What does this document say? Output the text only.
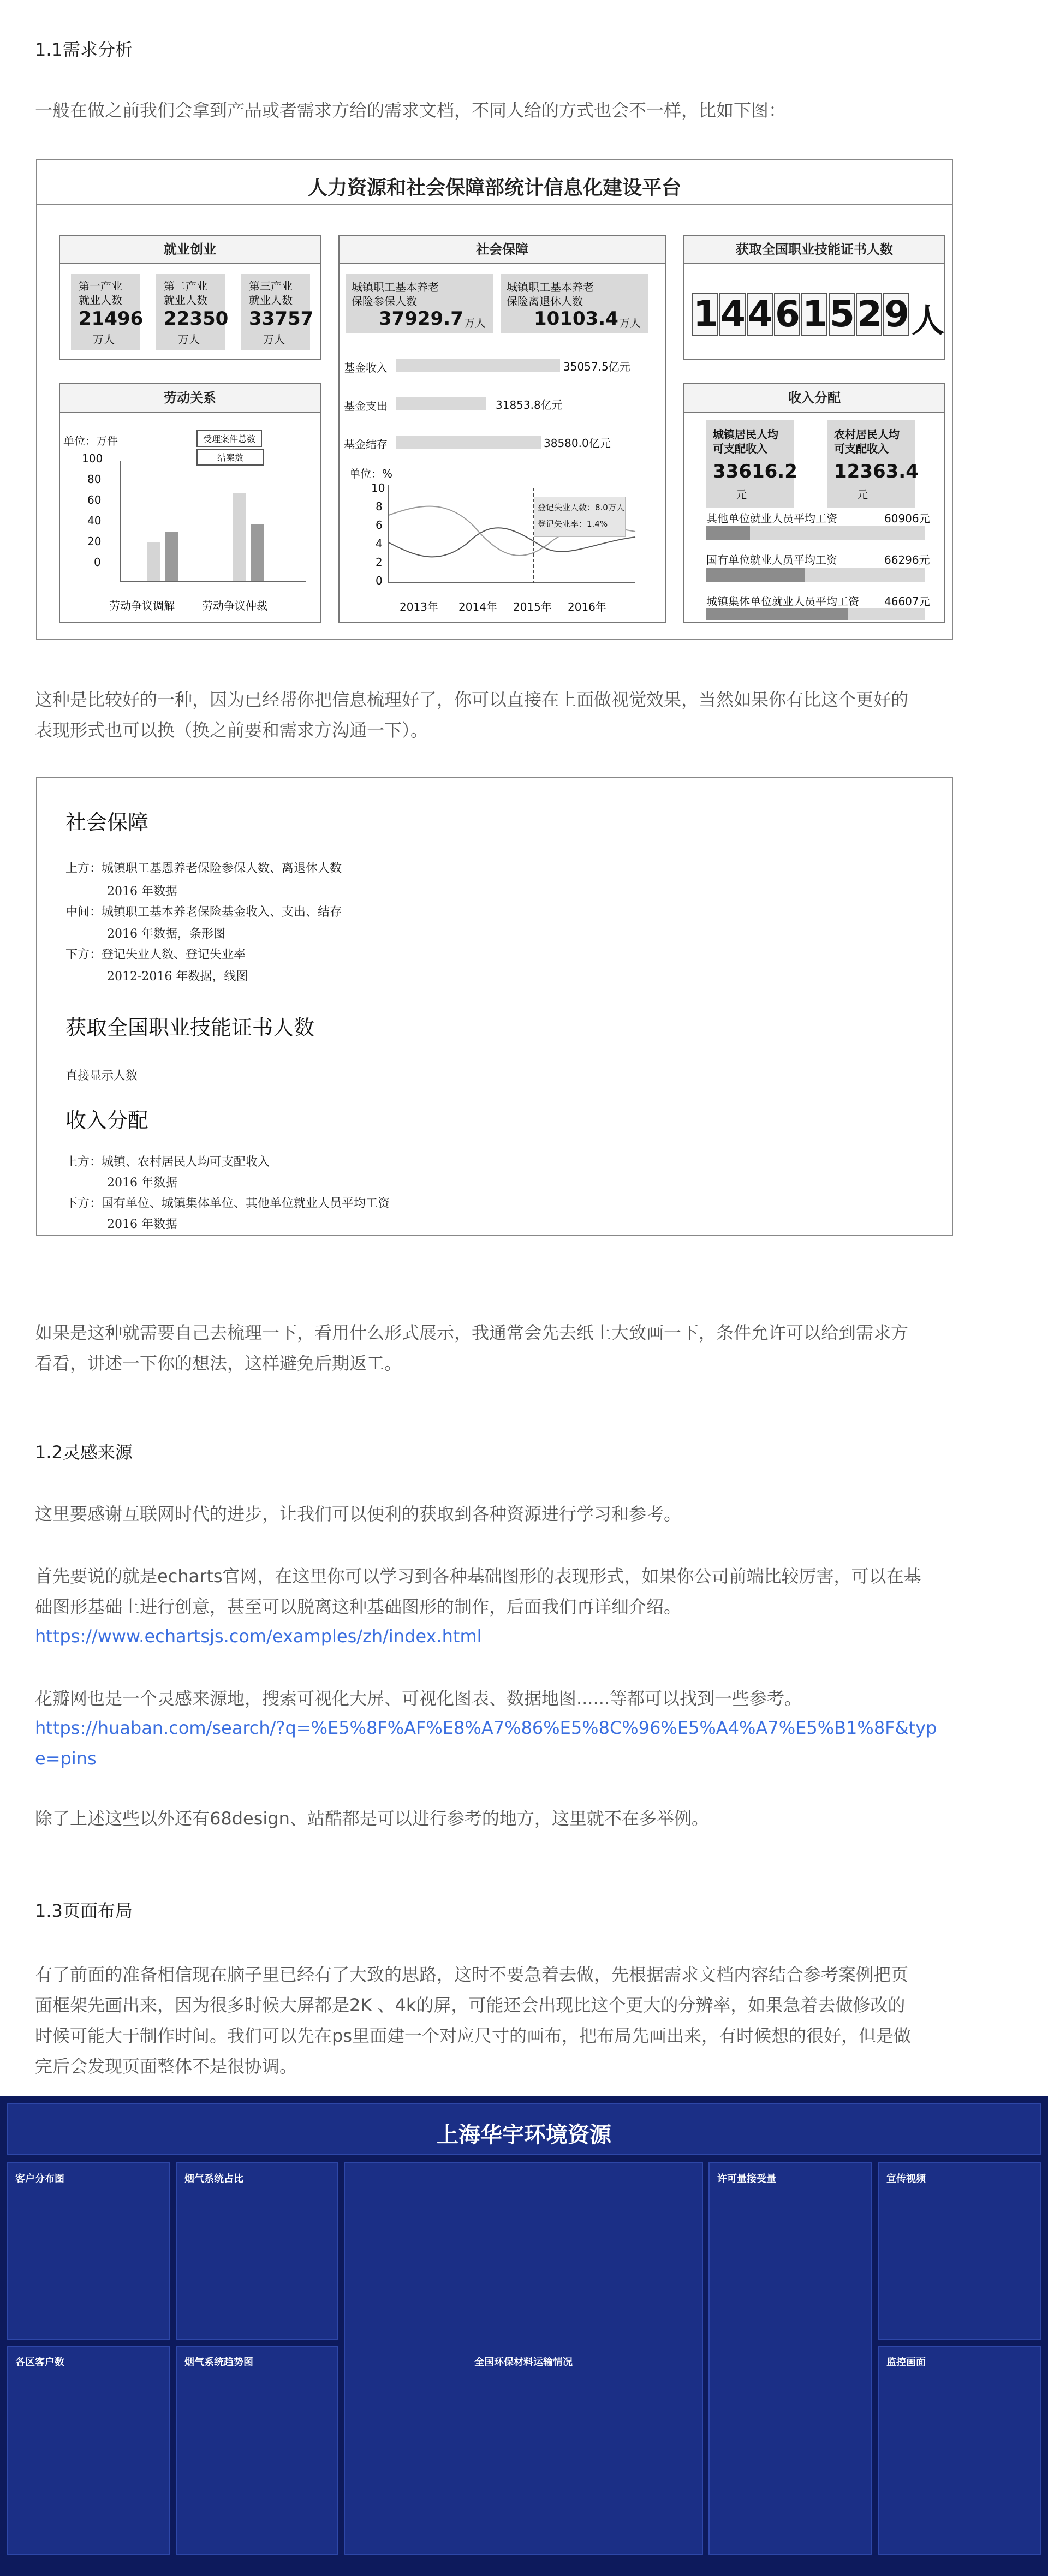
1.1需求分析
一般在做之前我们会拿到产品或者需求方给的需求文档，不同人给的方式也会不一样，比如下图：
人力资源和社会保障部统计信息化建设平台
就业创业
第一产业
就业人数
21496
万人
第二产业
就业人数
22350
万人
第三产业
就业人数
33757
万人
劳动关系
单位：万件	受理案件总数
结案数
100
80
60
40
20
0
劳动争议调解	劳动争议仲裁
社会保障
城镇职工基本养老
保险参保人数
37929.7 万人
城镇职工基本养老
保险离退休人数
10103.4 万人
基金收入	35057.5亿元
基金支出	31853.8亿元
基金结存	38580.0亿元
单位：%
10
8
6
4
2
0
登记失业人数：8.0万人
登记失业率：1.4%
2013年 2014年 2015年 2016年
获取全国职业技能证书人数
1 4 4 6 1 5 2 9 人
收入分配
城镇居民人均
可支配收入
33616.2
元
农村居民人均
可支配收入
12363.4
元
其他单位就业人员平均工资	60906元
国有单位就业人员平均工资	66296元
城镇集体单位就业人员平均工资 46607元
这种是比较好的一种，因为已经帮你把信息梳理好了，你可以直接在上面做视觉效果，当然如果你有比这个更好的
表现形式也可以换（换之前要和需求方沟通一下）。
社会保障
上方：城镇职工基恩养老保险参保人数、离退休人数
2016 年数据
中间：城镇职工基本养老保险基金收入、支出、结存
2016 年数据，条形图
下方：登记失业人数、登记失业率
2012-2016 年数据，线图
获取全国职业技能证书人数
直接显示人数
收入分配
上方：城镇、农村居民人均可支配收入
2016 年数据
下方：国有单位、城镇集体单位、其他单位就业人员平均工资
2016 年数据
如果是这种就需要自己去梳理一下，看用什么形式展示，我通常会先去纸上大致画一下，条件允许可以给到需求方
看看，讲述一下你的想法，这样避免后期返工。
1.2灵感来源
这里要感谢互联网时代的进步，让我们可以便利的获取到各种资源进行学习和参考。
首先要说的就是echarts官网，在这里你可以学习到各种基础图形的表现形式，如果你公司前端比较厉害，可以在基
础图形基础上进行创意，甚至可以脱离这种基础图形的制作，后面我们再详细介绍。
https://www.echartsjs.com/examples/zh/index.html
花瓣网也是一个灵感来源地，搜索可视化大屏、可视化图表、数据地图......等都可以找到一些参考。
https://huaban.com/search/?q=%E5%8F%AF%E8%A7%86%E5%8C%96%E5%A4%A7%E5%B1%8F&typ
e=pins
除了上述这些以外还有68design、站酷都是可以进行参考的地方，这里就不在多举例。
1.3页面布局
有了前面的准备相信现在脑子里已经有了大致的思路，这时不要急着去做，先根据需求文档内容结合参考案例把页
面框架先画出来，因为很多时候大屏都是2K 、4k的屏，可能还会出现比这个更大的分辨率，如果急着去做修改的
时候可能大于制作时间。我们可以先在ps里面建一个对应尺寸的画布，把布局先画出来，有时候想的很好，但是做
完后会发现页面整体不是很协调。
上海华宇环境资源
客户分布图	烟气系统占比
全国环保材料运输情况
许可量接受量	宣传视频
各区客户数	烟气系统趋势图	监控画面
